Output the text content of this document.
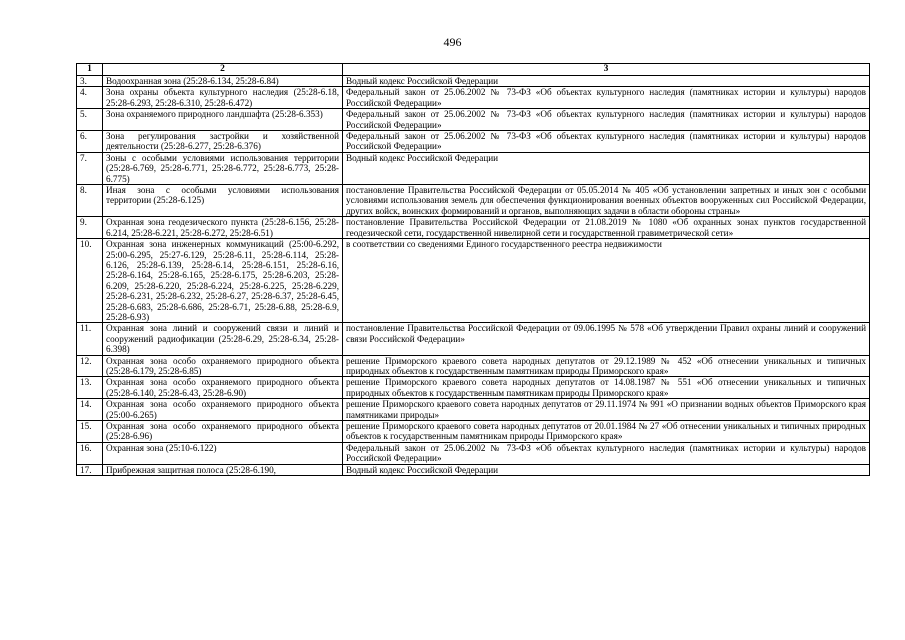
496
1	2	3
3.	Водоохранная зона (25:28-6.134, 25:28-6.84)	Водный кодекс Российской Федерации
4.	Зона охраны объекта культурного наследия (25:28-6.18, 25:28-6.293, 25:28-6.310, 25:28-6.472)	Федеральный закон от 25.06.2002 № 73-ФЗ «Об объектах культурного наследия (памятниках истории и культуры) народов Российской Федерации»
5.	Зона охраняемого природного ландшафта (25:28-6.353)	Федеральный закон от 25.06.2002 № 73-ФЗ «Об объектах культурного наследия (памятниках истории и культуры) народов Российской Федерации»
6.	Зона регулирования застройки и хозяйственной деятельности (25:28-6.277, 25:28-6.376)	Федеральный закон от 25.06.2002 № 73-ФЗ «Об объектах культурного наследия (памятниках истории и культуры) народов Российской Федерации»
7.	Зоны с особыми условиями использования территории (25:28-6.769, 25:28-6.771, 25:28-6.772, 25:28-6.773, 25:28-6.775)	Водный кодекс Российской Федерации
8.	Иная зона с особыми условиями использования территории (25:28-6.125)	постановление Правительства Российской Федерации от 05.05.2014 № 405 «Об установлении запретных и иных зон с особыми условиями использования земель для обеспечения функционирования военных объектов вооруженных сил Российской Федерации, других войск, воинских формирований и органов, выполняющих задачи в области обороны страны»
9.	Охранная зона геодезического пункта (25:28-6.156, 25:28-6.214, 25:28-6.221, 25:28-6.272, 25:28-6.51)	постановление Правительства Российской Федерации от 21.08.2019 № 1080 «Об охранных зонах пунктов государственной геодезической сети, государственной нивелирной сети и государственной гравиметрической сети»
10.	Охранная зона инженерных коммуникаций (25:00-6.292, 25:00-6.295, 25:27-6.129, 25:28-6.11, 25:28-6.114, 25:28-6.126, 25:28-6.139, 25:28-6.14, 25:28-6.151, 25:28-6.16, 25:28-6.164, 25:28-6.165, 25:28-6.175, 25:28-6.203, 25:28-6.209, 25:28-6.220, 25:28-6.224, 25:28-6.225, 25:28-6.229, 25:28-6.231, 25:28-6.232, 25:28-6.27, 25:28-6.37, 25:28-6.45, 25:28-6.683, 25:28-6.686, 25:28-6.71, 25:28-6.88, 25:28-6.9, 25:28-6.93)	в соответствии со сведениями Единого государственного реестра недвижимости
11.	Охранная зона линий и сооружений связи и линий и сооружений радиофикации (25:28-6.29, 25:28-6.34, 25:28-6.398)	постановление Правительства Российской Федерации от 09.06.1995 № 578 «Об утверждении Правил охраны линий и сооружений связи Российской Федерации»
12.	Охранная зона особо охраняемого природного объекта (25:28-6.179, 25:28-6.85)	решение Приморского краевого совета народных депутатов от 29.12.1989 № 452 «Об отнесении уникальных и типичных природных объектов к государственным памятникам природы Приморского края»
13.	Охранная зона особо охраняемого природного объекта (25:28-6.140, 25:28-6.43, 25:28-6.90)	решение Приморского краевого совета народных депутатов от 14.08.1987 № 551 «Об отнесении уникальных и типичных природных объектов к государственным памятникам природы Приморского края»
14.	Охранная зона особо охраняемого природного объекта (25:00-6.265)	решение Приморского краевого совета народных депутатов от 29.11.1974 № 991 «О признании водных объектов Приморского края памятниками природы»
15.	Охранная зона особо охраняемого природного объекта (25:28-6.96)	решение Приморского краевого совета народных депутатов от 20.01.1984 № 27 «Об отнесении уникальных и типичных природных объектов к государственным памятникам природы Приморского края»
16.	Охранная зона (25:10-6.122)	Федеральный закон от 25.06.2002 № 73-ФЗ «Об объектах культурного наследия (памятниках истории и культуры) народов Российской Федерации»
17.	Прибрежная защитная полоса (25:28-6.190,	Водный кодекс Российской Федерации
